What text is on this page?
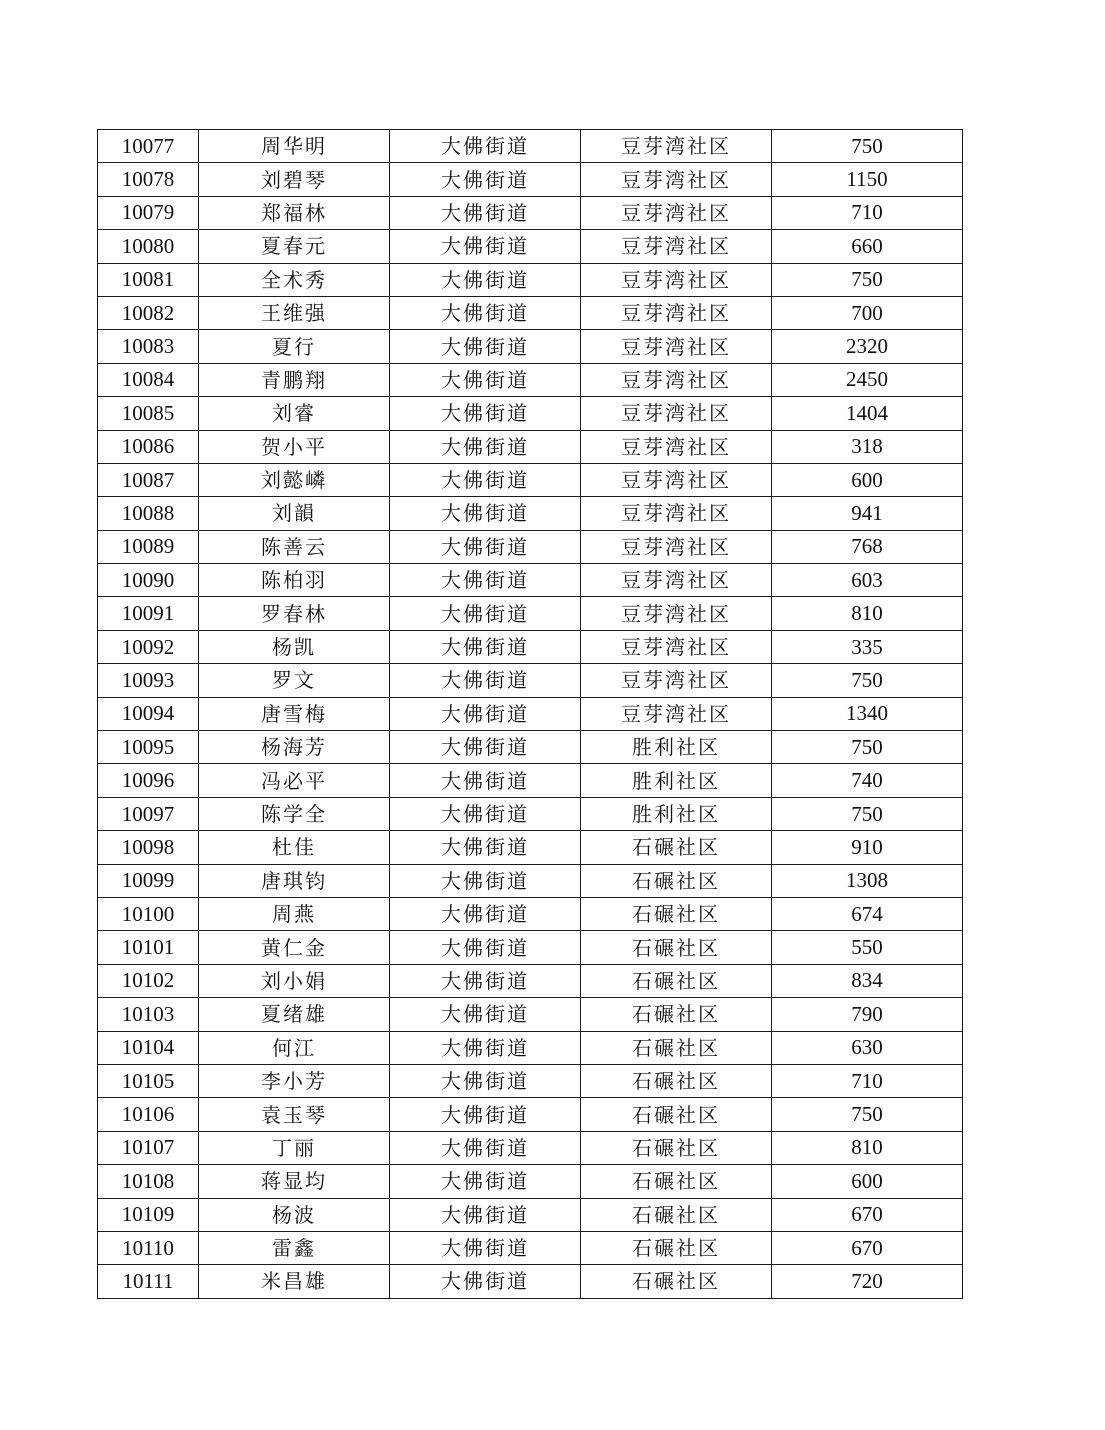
10077	周华明	大佛街道	豆芽湾社区	750
10078	刘碧琴	大佛街道	豆芽湾社区	1150
10079	郑福林	大佛街道	豆芽湾社区	710
10080	夏春元	大佛街道	豆芽湾社区	660
10081	全术秀	大佛街道	豆芽湾社区	750
10082	王维强	大佛街道	豆芽湾社区	700
10083	夏行	大佛街道	豆芽湾社区	2320
10084	青鹏翔	大佛街道	豆芽湾社区	2450
10085	刘睿	大佛街道	豆芽湾社区	1404
10086	贺小平	大佛街道	豆芽湾社区	318
10087	刘懿嶙	大佛街道	豆芽湾社区	600
10088	刘韻	大佛街道	豆芽湾社区	941
10089	陈善云	大佛街道	豆芽湾社区	768
10090	陈柏羽	大佛街道	豆芽湾社区	603
10091	罗春林	大佛街道	豆芽湾社区	810
10092	杨凯	大佛街道	豆芽湾社区	335
10093	罗文	大佛街道	豆芽湾社区	750
10094	唐雪梅	大佛街道	豆芽湾社区	1340
10095	杨海芳	大佛街道	胜利社区	750
10096	冯必平	大佛街道	胜利社区	740
10097	陈学全	大佛街道	胜利社区	750
10098	杜佳	大佛街道	石碾社区	910
10099	唐琪钧	大佛街道	石碾社区	1308
10100	周燕	大佛街道	石碾社区	674
10101	黄仁金	大佛街道	石碾社区	550
10102	刘小娟	大佛街道	石碾社区	834
10103	夏绪雄	大佛街道	石碾社区	790
10104	何江	大佛街道	石碾社区	630
10105	李小芳	大佛街道	石碾社区	710
10106	袁玉琴	大佛街道	石碾社区	750
10107	丁丽	大佛街道	石碾社区	810
10108	蒋显均	大佛街道	石碾社区	600
10109	杨波	大佛街道	石碾社区	670
10110	雷鑫	大佛街道	石碾社区	670
10111	米昌雄	大佛街道	石碾社区	720
